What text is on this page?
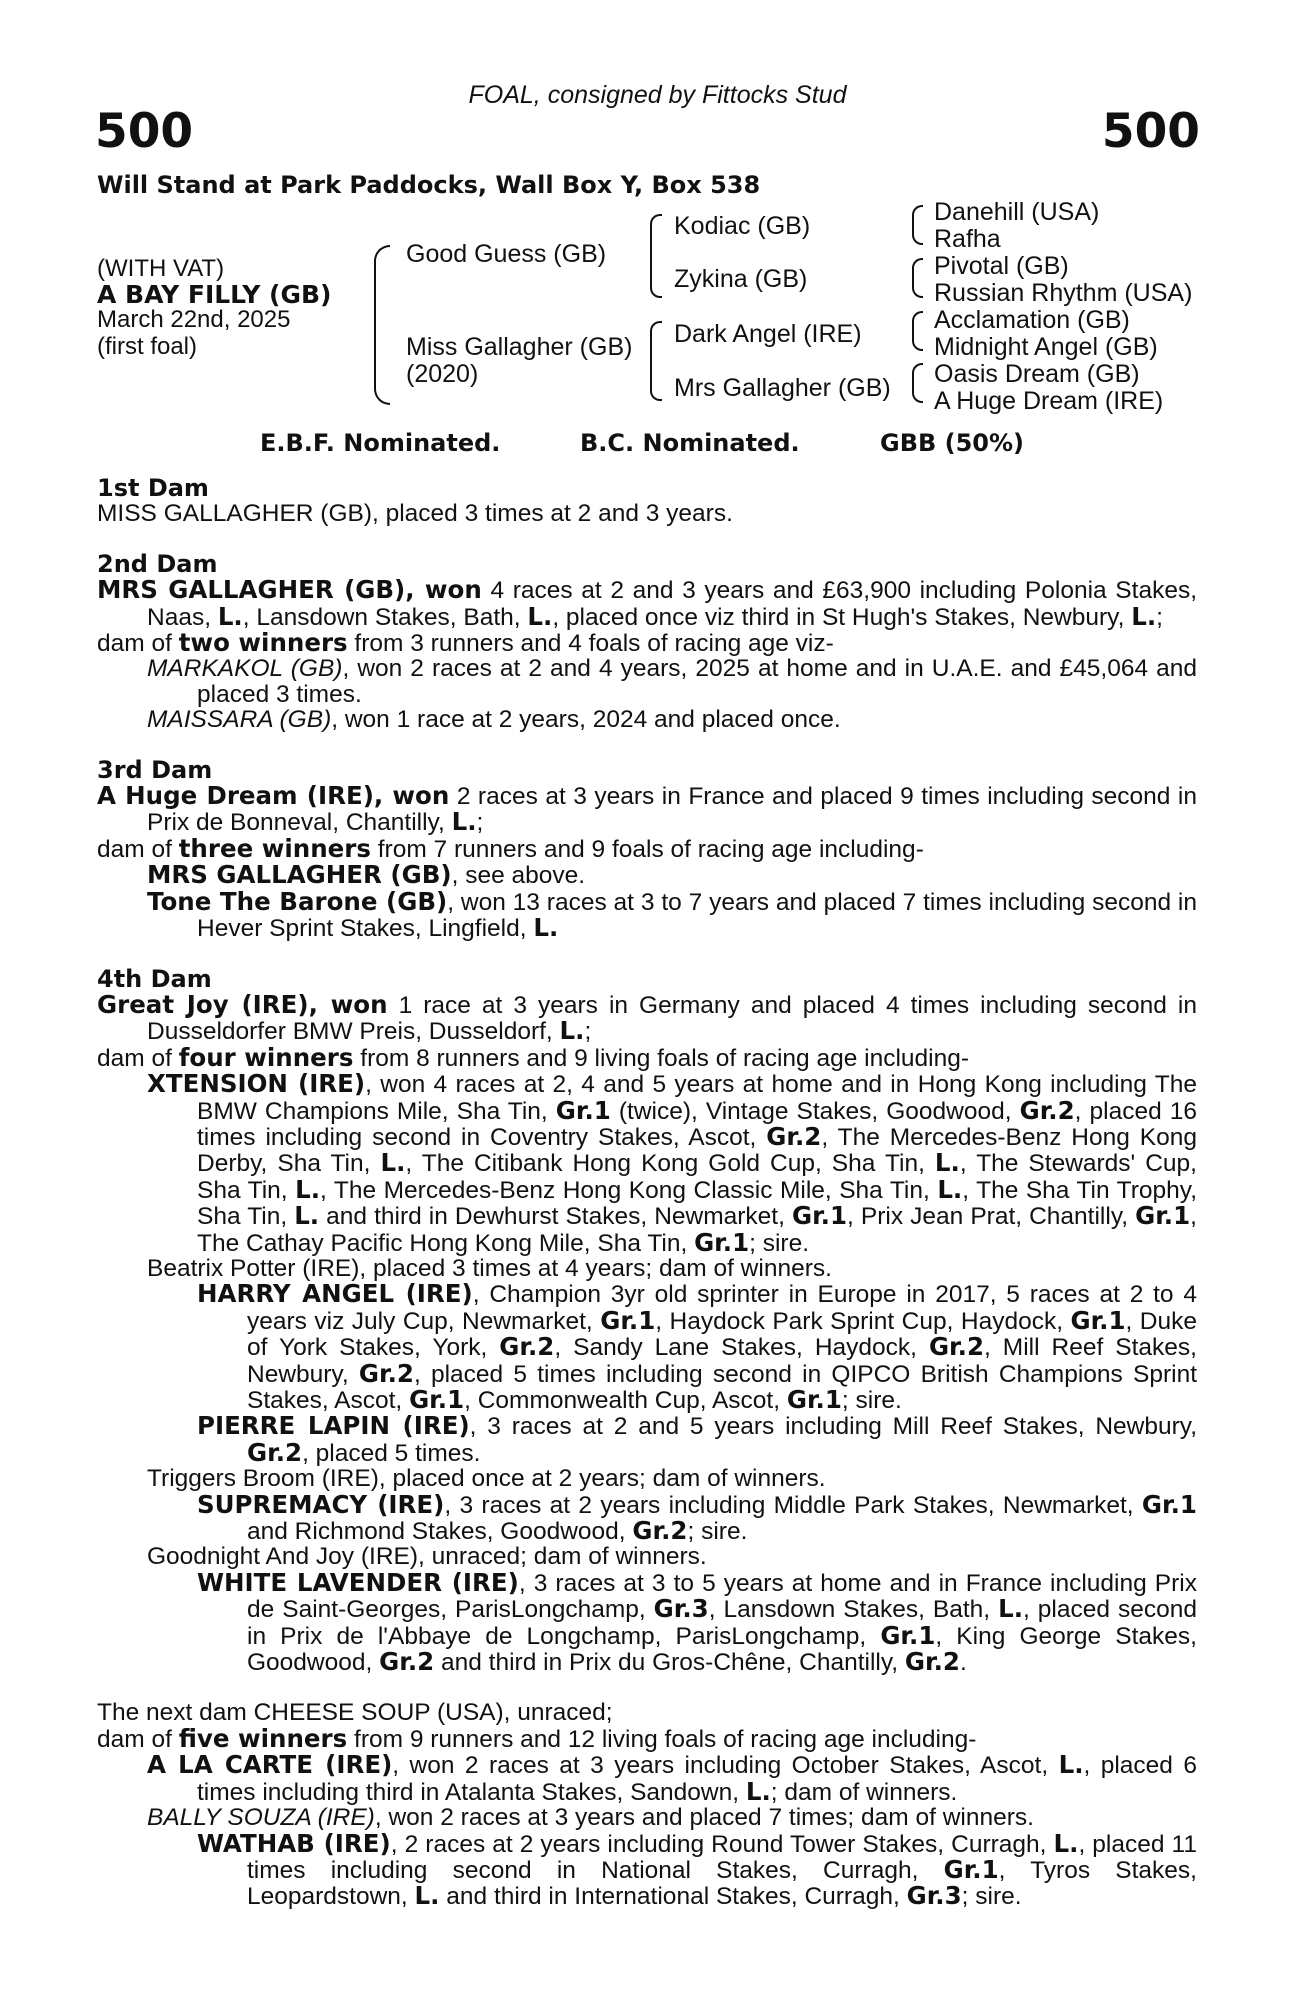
FOAL, consigned by Fittocks Stud
500	500
Will Stand at Park Paddocks, Wall Box Y, Box 538
(WITH VAT)
A BAY FILLY (GB)
March 22nd, 2025
(first foal)
Good Guess (GB)
Miss Gallagher (GB)
(2020)
Kodiac (GB)
Zykina (GB)
Dark Angel (IRE)
Mrs Gallagher (GB)
Danehill (USA)
Rafha
Pivotal (GB)
Russian Rhythm (USA)
Acclamation (GB)
Midnight Angel (GB)
Oasis Dream (GB)
A Huge Dream (IRE)
E.B.F. Nominated.	B.C. Nominated.	GBB (50%)
1st Dam
MISS GALLAGHER (GB), placed 3 times at 2 and 3 years.
2nd Dam
MRS GALLAGHER (GB), won 4 races at 2 and 3 years and £63,900 including Polonia Stakes, Naas, L., Lansdown Stakes, Bath, L., placed once viz third in St Hugh's Stakes, Newbury, L.;
dam of two winners from 3 runners and 4 foals of racing age viz-
MARKAKOL (GB), won 2 races at 2 and 4 years, 2025 at home and in U.A.E. and £45,064 and placed 3 times.
MAISSARA (GB), won 1 race at 2 years, 2024 and placed once.
3rd Dam
A Huge Dream (IRE), won 2 races at 3 years in France and placed 9 times including second in Prix de Bonneval, Chantilly, L.;
dam of three winners from 7 runners and 9 foals of racing age including-
MRS GALLAGHER (GB), see above.
Tone The Barone (GB), won 13 races at 3 to 7 years and placed 7 times including second in Hever Sprint Stakes, Lingfield, L.
4th Dam
Great Joy (IRE), won 1 race at 3 years in Germany and placed 4 times including second in Dusseldorfer BMW Preis, Dusseldorf, L.;
dam of four winners from 8 runners and 9 living foals of racing age including-
XTENSION (IRE), won 4 races at 2, 4 and 5 years at home and in Hong Kong including The BMW Champions Mile, Sha Tin, Gr.1 (twice), Vintage Stakes, Goodwood, Gr.2, placed 16 times including second in Coventry Stakes, Ascot, Gr.2, The Mercedes-Benz Hong Kong Derby, Sha Tin, L., The Citibank Hong Kong Gold Cup, Sha Tin, L., The Stewards' Cup, Sha Tin, L., The Mercedes-Benz Hong Kong Classic Mile, Sha Tin, L., The Sha Tin Trophy, Sha Tin, L. and third in Dewhurst Stakes, Newmarket, Gr.1, Prix Jean Prat, Chantilly, Gr.1, The Cathay Pacific Hong Kong Mile, Sha Tin, Gr.1; sire.
Beatrix Potter (IRE), placed 3 times at 4 years; dam of winners.
HARRY ANGEL (IRE), Champion 3yr old sprinter in Europe in 2017, 5 races at 2 to 4 years viz July Cup, Newmarket, Gr.1, Haydock Park Sprint Cup, Haydock, Gr.1, Duke of York Stakes, York, Gr.2, Sandy Lane Stakes, Haydock, Gr.2, Mill Reef Stakes, Newbury, Gr.2, placed 5 times including second in QIPCO British Champions Sprint Stakes, Ascot, Gr.1, Commonwealth Cup, Ascot, Gr.1; sire.
PIERRE LAPIN (IRE), 3 races at 2 and 5 years including Mill Reef Stakes, Newbury, Gr.2, placed 5 times.
Triggers Broom (IRE), placed once at 2 years; dam of winners.
SUPREMACY (IRE), 3 races at 2 years including Middle Park Stakes, Newmarket, Gr.1 and Richmond Stakes, Goodwood, Gr.2; sire.
Goodnight And Joy (IRE), unraced; dam of winners.
WHITE LAVENDER (IRE), 3 races at 3 to 5 years at home and in France including Prix de Saint-Georges, ParisLongchamp, Gr.3, Lansdown Stakes, Bath, L., placed second in Prix de l'Abbaye de Longchamp, ParisLongchamp, Gr.1, King George Stakes, Goodwood, Gr.2 and third in Prix du Gros-Chêne, Chantilly, Gr.2.
The next dam CHEESE SOUP (USA), unraced;
dam of five winners from 9 runners and 12 living foals of racing age including-
A LA CARTE (IRE), won 2 races at 3 years including October Stakes, Ascot, L., placed 6 times including third in Atalanta Stakes, Sandown, L.; dam of winners.
BALLY SOUZA (IRE), won 2 races at 3 years and placed 7 times; dam of winners.
WATHAB (IRE), 2 races at 2 years including Round Tower Stakes, Curragh, L., placed 11 times including second in National Stakes, Curragh, Gr.1, Tyros Stakes, Leopardstown, L. and third in International Stakes, Curragh, Gr.3; sire.
